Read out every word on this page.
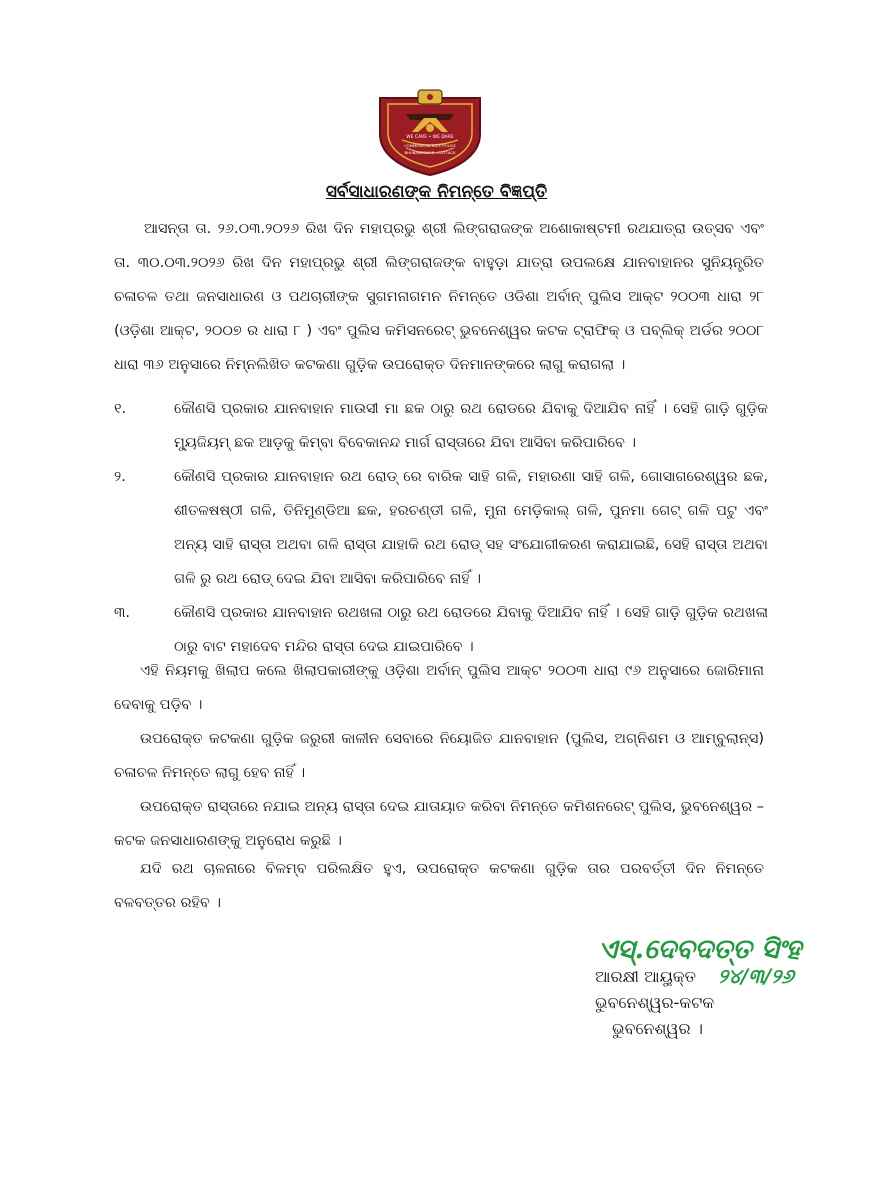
WE CARE • WE DARE
COMMISSIONERATE POLICE
BHUBANESWAR - CUTTACK
ସର୍ବସାଧାରଣଙ୍କ ନିମନ୍ତେ ବିଜ୍ଞପ୍ତି

ଆସନ୍ତା ତା. ୨୬.୦୩.୨୦୨୬ ରିଖ ଦିନ ମହାପ୍ରଭୁ ଶ୍ରୀ ଲିଙ୍ଗରାଜଙ୍କ ଅଶୋକାଷ୍ଟମୀ ରଥଯାତ୍ରା ଉତ୍ସବ ଏବଂ ତା. ୩୦.୦୩.୨୦୨୬ ରିଖ ଦିନ ମହାପ୍ରଭୁ ଶ୍ରୀ ଲିଙ୍ଗରାଜଙ୍କ ବାହୁଡ଼ା ଯାତ୍ରା ଉପଲକ୍ଷେ ଯାନବାହାନର ସୁନିୟନ୍ତ୍ରିତ ଚଳାଚଳ ତଥା ଜନସାଧାରଣ ଓ ପଥଚାରୀଙ୍କ ସୁଗମନାଗମନ ନିମନ୍ତେ ଓଡିଶା ଅର୍ବାନ୍ ପୁଲିସ ଆକ୍ଟ ୨୦୦୩ ଧାରା ୨୮ (ଓଡ଼ିଶା ଆକ୍ଟ, ୨୦୦୭ ର ଧାରା ୮ ) ଏବଂ ପୁଲିସ କମିସନରେଟ୍ ଭୁବନେଶ୍ୱର କଟକ ଟ୍ରାଫିକ୍ ଓ ପବ୍ଲିକ୍ ଅର୍ଡର ୨୦୦୮ ଧାରା ୩୬ ଅନୁସାରେ ନିମ୍ନଲିଖିତ କଟକଣା ଗୁଡ଼ିକ ଉପରୋକ୍ତ ଦିନମାନଙ୍କରେ ଲାଗୁ କରାଗଲା ।

୧.	କୌଣସି ପ୍ରକାର ଯାନବାହାନ ମାଉସୀ ମା ଛକ ଠାରୁ ରଥ ରୋଡରେ ଯିବାକୁ ଦିଆଯିବ ନାହିଁ । ସେହି ଗାଡ଼ି ଗୁଡ଼ିକ ମ୍ୟୁଜିୟମ୍ ଛକ ଆଡ଼କୁ କିମ୍ବା ବିବେକାନନ୍ଦ ମାର୍ଗ ରାସ୍ତାରେ ଯିବା ଆସିବା କରିପାରିବେ ।

୨.	କୌଣସି ପ୍ରକାର ଯାନବାହାନ ରଥ ରୋଡ୍ ରେ ବାରିକ ସାହି ଗଳି, ମହାରଣା ସାହି ଗଳି, ଗୋସାଗରେଶ୍ୱର ଛକ, ଶୀତଳଷଷ୍ଠୀ ଗଳି, ତିନିମୁଣ୍ଡିଆ ଛକ, ହରଚଣ୍ଡୀ ଗଳି, ମୁନା ମେଡ଼ିକାଲ୍ ଗଳି, ପୁନମା ଗେଟ୍ ଗଳି ପଟୁ ଏବଂ ଅନ୍ୟ ସାହି ରାସ୍ତା ଅଥବା ଗଳି ରାସ୍ତା ଯାହାକି ରଥ ରୋଡ୍ ସହ ସଂଯୋଗୀକରଣ କରାଯାଇଛି, ସେହି ରାସ୍ତା ଅଥବା ଗଳି ରୁ ରଥ ରୋଡ୍ ଦେଇ ଯିବା ଆସିବା କରିପାରିବେ ନାହିଁ ।

୩.	କୌଣସି ପ୍ରକାର ଯାନବାହାନ ରଥଖଳା ଠାରୁ ରଥ ରୋଡରେ ଯିବାକୁ ଦିଆଯିବ ନାହିଁ । ସେହି ଗାଡ଼ି ଗୁଡ଼ିକ ରଥଖଳା ଠାରୁ ବାଟ ମହାଦେବ ମନ୍ଦିର ରାସ୍ତା ଦେଇ ଯାଇପାରିବେ ।

ଏହି ନିୟମକୁ ଖିଲାପ କଲେ ଖିଲାପକାରୀଙ୍କୁ ଓଡ଼ିଶା ଅର୍ବାନ୍ ପୁଲିସ ଆକ୍ଟ ୨୦୦୩ ଧାରା ୯୬ ଅନୁସାରେ ଜୋରିମାନା ଦେବାକୁ ପଡ଼ିବ ।

ଉପରୋକ୍ତ କଟକଣା ଗୁଡ଼ିକ ଜରୁରୀ କାଳୀନ ସେବାରେ ନିୟୋଜିତ ଯାନବାହାନ (ପୁଲିସ, ଅଗ୍ନିଶମ ଓ ଆମ୍ବୁଲାନ୍ସ) ଚଳାଚଳ ନିମନ୍ତେ ଲାଗୁ ହେବ ନାହିଁ ।

ଉପରୋକ୍ତ ରାସ୍ତାରେ ନଯାଇ ଅନ୍ୟ ରାସ୍ତା ଦେଇ ଯାତାୟାତ କରିବା ନିମନ୍ତେ କମିଶନରେଟ୍ ପୁଲିସ, ଭୁବନେଶ୍ୱର – କଟକ ଜନସାଧାରଣଙ୍କୁ ଅନୁରୋଧ କରୁଛି ।

ଯଦି ରଥ ଚାଳନାରେ ବିଳମ୍ବ ପରିଲକ୍ଷିତ ହୁଏ, ଉପରୋକ୍ତ କଟକଣା ଗୁଡ଼ିକ ତାର ପରବର୍ତ୍ତୀ ଦିନ ନିମନ୍ତେ ବଳବତ୍ତର ରହିବ ।

ଏସ୍.ଦେବଦତ୍ତ ସିଂହ
ଆରକ୍ଷୀ ଆୟୁକ୍ତ ୨୪/୩/୨୬
ଭୁବନେଶ୍ୱର-କଟକ
ଭୁବନେଶ୍ୱର ।
